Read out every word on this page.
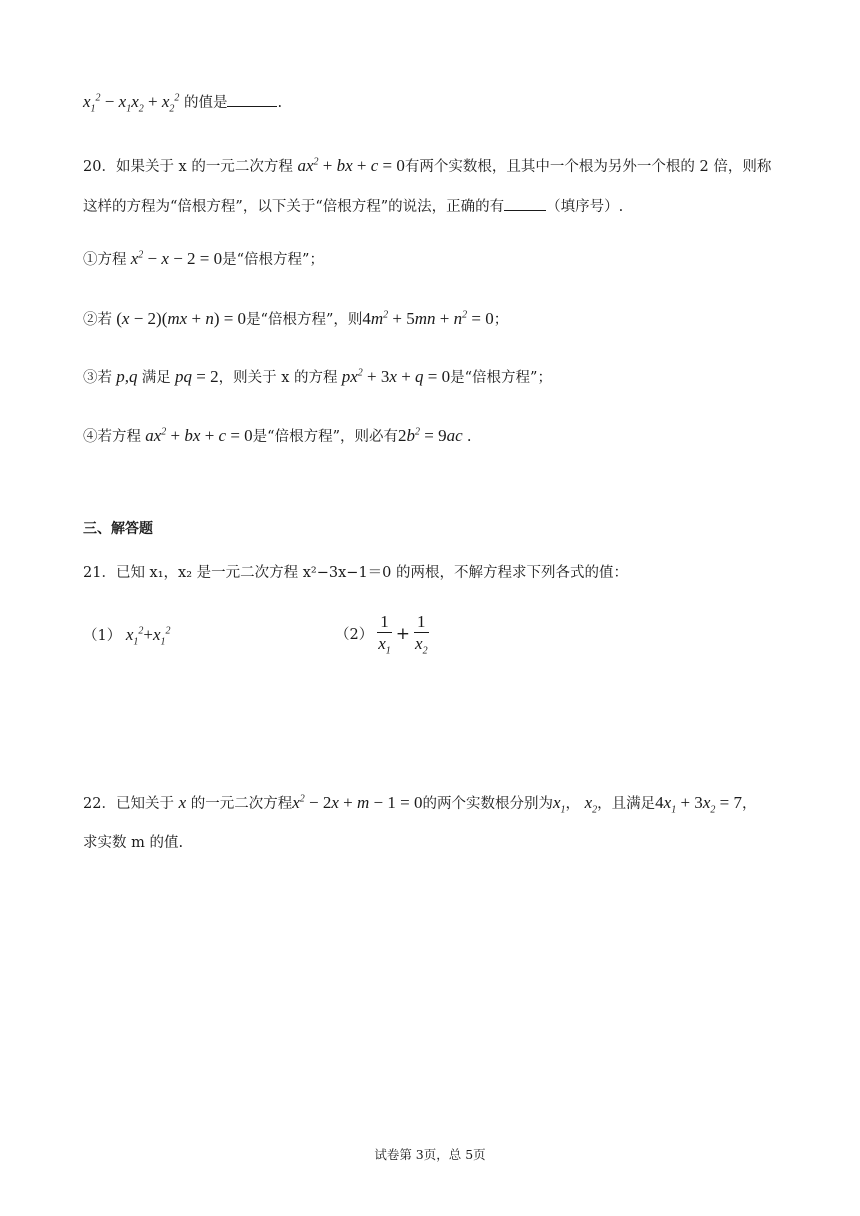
$x_1^2 - x_1x_2 + x_2^2$ 的值是	.
20．如果关于 x 的一元二次方程 $ax^2$ + bx + c = 0有两个实数根，且其中一个根为另外一个根的 2 倍，则称
这样的方程为“倍根方程”，以下关于“倍根方程”的说法，正确的有	（填序号）.
①方程 $x^2 - x - 2 = 0$是“倍根方程”；
②若 (x − 2)(mx + n) = 0是“倍根方程”，则$4m^2 + 5mn + n^2 = 0$；
③若 p,q 满足 pq = 2，则关于 x 的方程 $px^2 + 3x + q = 0$是“倍根方程”；
④若方程 $ax^2$ + bx + c = 0是“倍根方程”，则必有$2b^2 = 9ac$ .
三、解答题
21．已知 x₁，x₂ 是一元二次方程 x²−3x−1＝0 的两根，不解方程求下列各式的值：
（1） $x_1^2+x_1^2$	$(2) \frac{1}{x_1} + \frac{1}{x_2}$
22．已知关于 x 的一元二次方程$x^2 - 2x + m - 1 = 0$的两个实数根分别为$x_1$， $x_2$，且满足$4x_1 + 3x_2 = 7$，
求实数 m 的值.
试卷第 3页，总 5页
